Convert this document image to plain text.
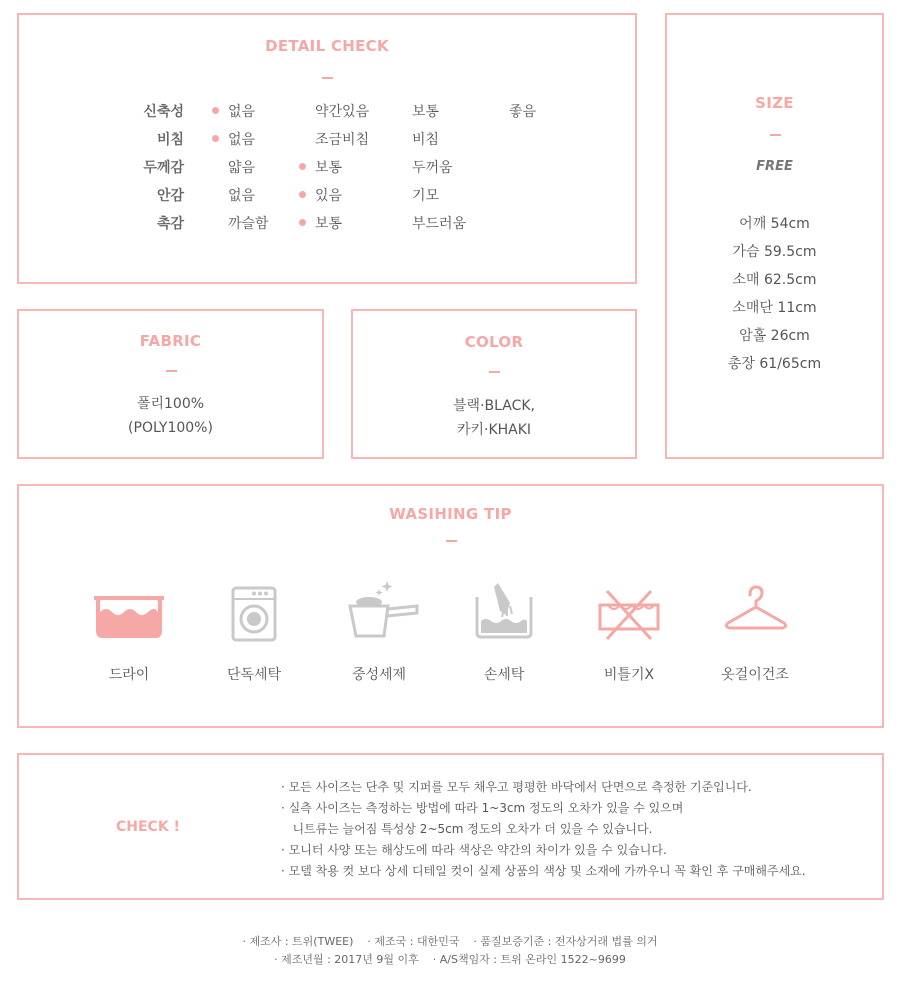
DETAIL CHECK
신축성	없음	약간있음	보통	좋음
비침	없음	조금비침	비침
두께감	얇음	보통	두꺼움
안감	없음	있음	기모
촉감	까슬함	보통	부드러움
SIZE
FREE
어깨 54cm
가슴 59.5cm
소매 62.5cm
소매단 11cm
암홀 26cm
총장 61/65cm
FABRIC
폴리100%
(POLY100%)
COLOR
블랙·BLACK,
카키·KHAKI
WASIHING TIP
드라이	단독세탁	중성세제	손세탁	비틀기X	옷걸이건조
CHECK !
· 모든 사이즈는 단추 및 지퍼를 모두 채우고 평평한 바닥에서 단면으로 측정한 기준입니다.
· 실측 사이즈는 측정하는 방법에 따라 1~3cm 정도의 오차가 있을 수 있으며
니트류는 늘어짐 특성상 2~5cm 정도의 오차가 더 있을 수 있습니다.
· 모니터 사양 또는 해상도에 따라 색상은 약간의 차이가 있을 수 있습니다.
· 모델 착용 컷 보다 상세 디테일 컷이 실제 상품의 색상 및 소재에 가까우니 꼭 확인 후 구매해주세요.
· 제조사 : 트위(TWEE)    · 제조국 : 대한민국    · 품질보증기준 : 전자상거래 법률 의거
· 제조년월 : 2017년 9월 이후    · A/S책임자 : 트위 온라인 1522~9699
